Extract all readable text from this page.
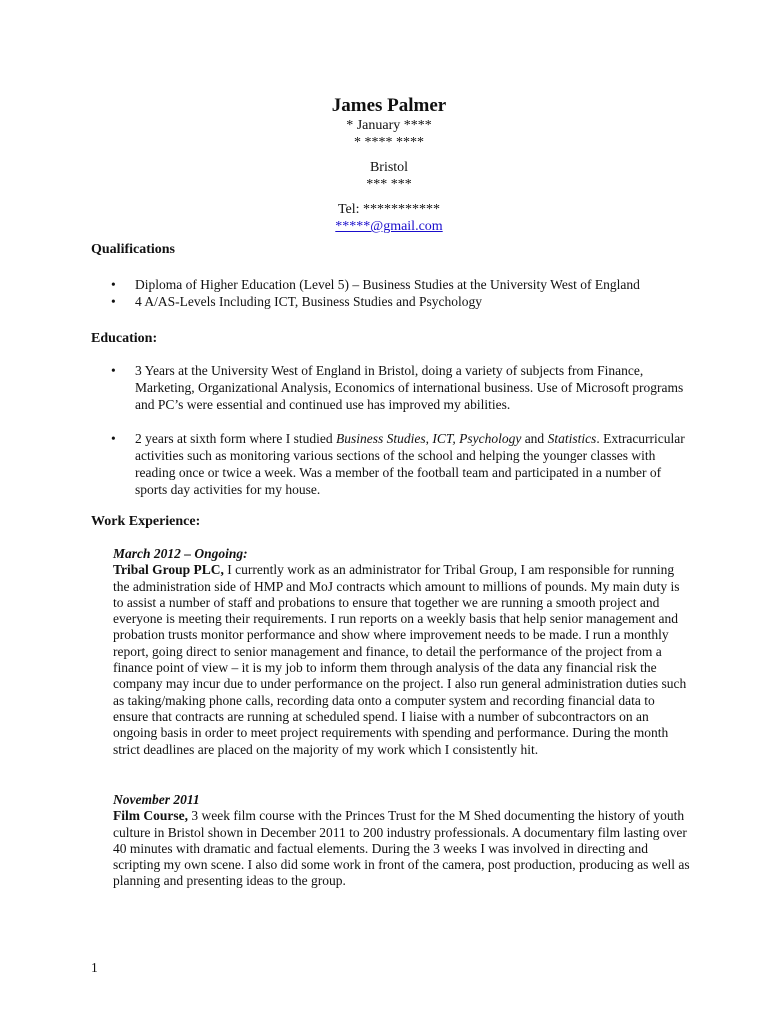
James Palmer

* January ****

* **** ****

Bristol

*** ***

Tel: ***********

*****@gmail.com

Qualifications

• Diploma of Higher Education (Level 5) – Business Studies at the University West of England
• 4 A/AS-Levels Including ICT, Business Studies and Psychology

Education:

• 3 Years at the University West of England in Bristol, doing a variety of subjects from Finance, Marketing, Organizational Analysis, Economics of international business. Use of Microsoft programs and PC’s were essential and continued use has improved my abilities.
• 2 years at sixth form where I studied Business Studies, ICT, Psychology and Statistics. Extracurricular activities such as monitoring various sections of the school and helping the younger classes with reading once or twice a week. Was a member of the football team and participated in a number of sports day activities for my house.

Work Experience:

March 2012 – Ongoing:

Tribal Group PLC, I currently work as an administrator for Tribal Group, I am responsible for running the administration side of HMP and MoJ contracts which amount to millions of pounds. My main duty is to assist a number of staff and probations to ensure that together we are running a smooth project and everyone is meeting their requirements. I run reports on a weekly basis that help senior management and probation trusts monitor performance and show where improvement needs to be made. I run a monthly report, going direct to senior management and finance, to detail the performance of the project from a finance point of view – it is my job to inform them through analysis of the data any financial risk the company may incur due to under performance on the project. I also run general administration duties such as taking/making phone calls, recording data onto a computer system and recording financial data to ensure that contracts are running at scheduled spend. I liaise with a number of subcontractors on an ongoing basis in order to meet project requirements with spending and performance. During the month strict deadlines are placed on the majority of my work which I consistently hit.

November 2011

Film Course, 3 week film course with the Princes Trust for the M Shed documenting the history of youth culture in Bristol shown in December 2011 to 200 industry professionals. A documentary film lasting over 40 minutes with dramatic and factual elements. During the 3 weeks I was involved in directing and scripting my own scene. I also did some work in front of the camera, post production, producing as well as planning and presenting ideas to the group.

1
